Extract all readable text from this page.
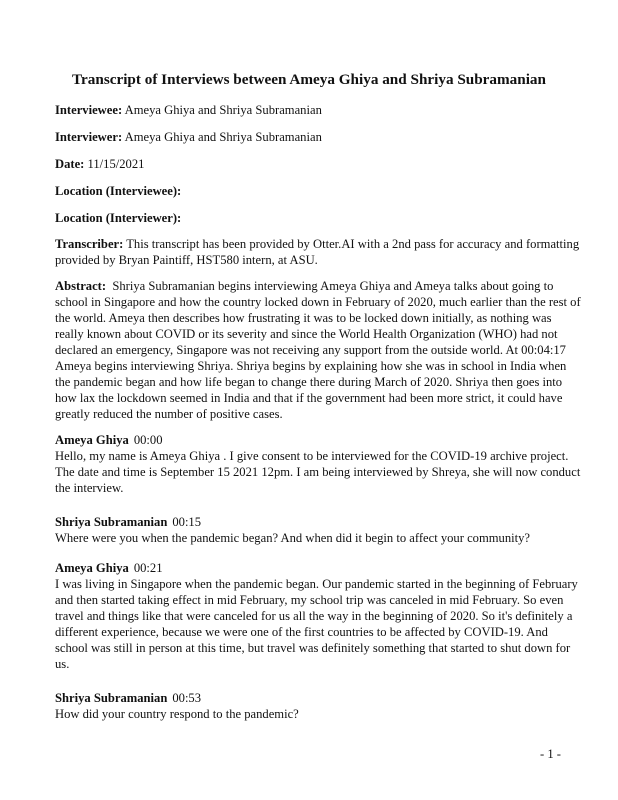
Transcript of Interviews between Ameya Ghiya and Shriya Subramanian
Interviewee: Ameya Ghiya and Shriya Subramanian
Interviewer: Ameya Ghiya and Shriya Subramanian
Date: 11/15/2021
Location (Interviewee):
Location (Interviewer):
Transcriber: This transcript has been provided by Otter.AI with a 2nd pass for accuracy and formatting
provided by Bryan Paintiff, HST580 intern, at ASU.
Abstract: Shriya Subramanian begins interviewing Ameya Ghiya and Ameya talks about going to
school in Singapore and how the country locked down in February of 2020, much earlier than the rest of
the world. Ameya then describes how frustrating it was to be locked down initially, as nothing was
really known about COVID or its severity and since the World Health Organization (WHO) had not
declared an emergency, Singapore was not receiving any support from the outside world. At 00:04:17
Ameya begins interviewing Shriya. Shriya begins by explaining how she was in school in India when
the pandemic began and how life began to change there during March of 2020. Shriya then goes into
how lax the lockdown seemed in India and that if the government had been more strict, it could have
greatly reduced the number of positive cases.
Ameya Ghiya 00:00
Hello, my name is Ameya Ghiya . I give consent to be interviewed for the COVID-19 archive project.
The date and time is September 15 2021 12pm. I am being interviewed by Shreya, she will now conduct
the interview.
Shriya Subramanian 00:15
Where were you when the pandemic began? And when did it begin to affect your community?
Ameya Ghiya 00:21
I was living in Singapore when the pandemic began. Our pandemic started in the beginning of February
and then started taking effect in mid February, my school trip was canceled in mid February. So even
travel and things like that were canceled for us all the way in the beginning of 2020. So it's definitely a
different experience, because we were one of the first countries to be affected by COVID-19. And
school was still in person at this time, but travel was definitely something that started to shut down for
us.
Shriya Subramanian 00:53
How did your country respond to the pandemic?
- 1 -
